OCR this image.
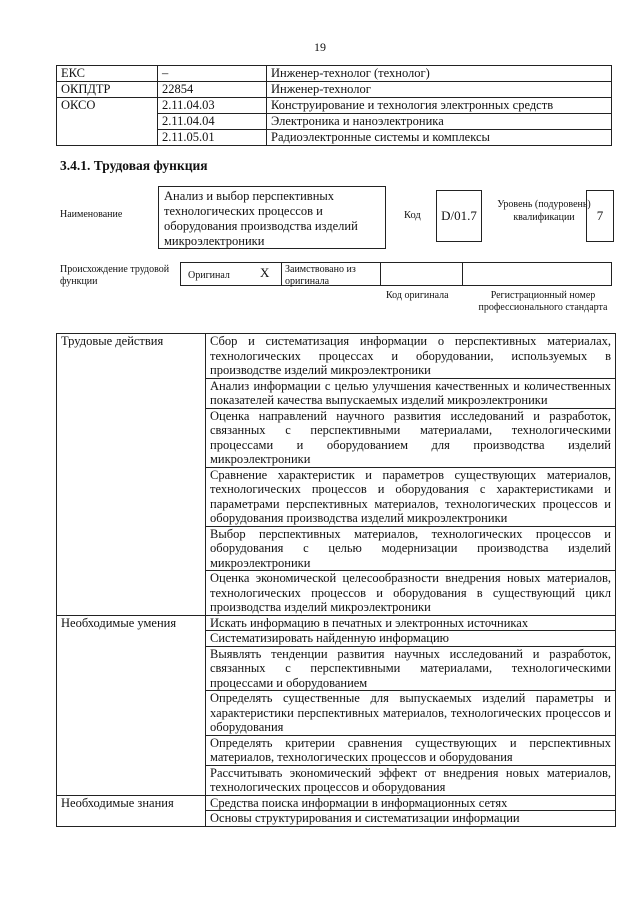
19
ЕКС	–	Инженер-технолог (технолог)
ОКПДТР	22854	Инженер-технолог
ОКСО	2.11.04.03	Конструирование и технология электронных средств
	2.11.04.04	Электроника и наноэлектроника
	2.11.05.01	Радиоэлектронные системы и комплексы
3.4.1. Трудовая функция
Наименование
Анализ и выбор перспективных технологических процессов и оборудования производства изделий микроэлектроники
Код	D/01.7
Уровень (подуровень) квалификации	7
Происхождение трудовой функции
Оригинал X Заимствовано из оригинала
Код оригинала	Регистрационный номер профессионального стандарта
Трудовые действия	Сбор и систематизация информации о перспективных материалах, технологических процессах и оборудовании, используемых в производстве изделий микроэлектроники
	Анализ информации с целью улучшения качественных и количественных показателей качества выпускаемых изделий микроэлектроники
	Оценка направлений научного развития исследований и разработок, связанных с перспективными материалами, технологическими процессами и оборудованием для производства изделий микроэлектроники
	Сравнение характеристик и параметров существующих материалов, технологических процессов и оборудования с характеристиками и параметрами перспективных материалов, технологических процессов и оборудования производства изделий микроэлектроники
	Выбор перспективных материалов, технологических процессов и оборудования с целью модернизации производства изделий микроэлектроники
	Оценка экономической целесообразности внедрения новых материалов, технологических процессов и оборудования в существующий цикл производства изделий микроэлектроники
Необходимые умения	Искать информацию в печатных и электронных источниках
	Систематизировать найденную информацию
	Выявлять тенденции развития научных исследований и разработок, связанных с перспективными материалами, технологическими процессами и оборудованием
	Определять существенные для выпускаемых изделий параметры и характеристики перспективных материалов, технологических процессов и оборудования
	Определять критерии сравнения существующих и перспективных материалов, технологических процессов и оборудования
	Рассчитывать экономический эффект от внедрения новых материалов, технологических процессов и оборудования
Необходимые знания	Средства поиска информации в информационных сетях
	Основы структурирования и систематизации информации
